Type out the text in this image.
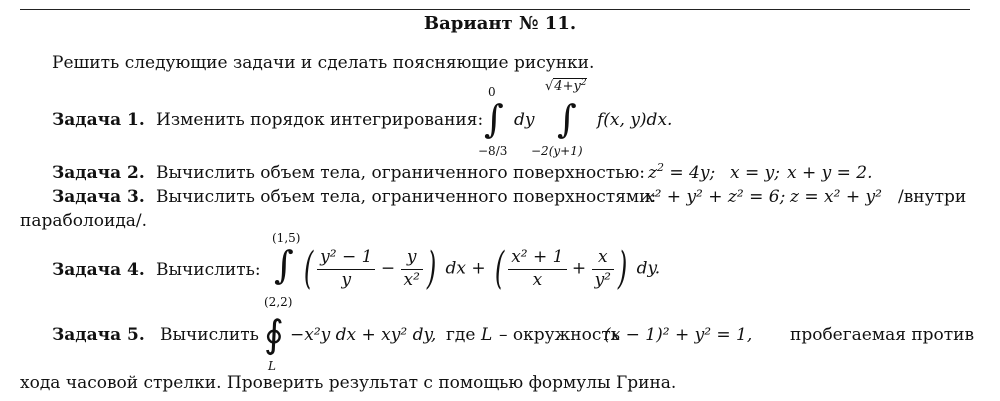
Вариант № 11.
Решить следующие задачи и сделать поясняющие рисунки.
Задача 1. Изменить порядок интегрирования:
0
∫
−8/3
dy
$√4+y^2$
∫
−2(y+1)
f(x, y)dx.
Задача 2. Вычислить объем тела, ограниченного поверхностью: $z^2 = 4y$; x = y; x + y = 2.
Задача 3. Вычислить объем тела, ограниченного поверхностями:
x² + y² + z² = 6; z = x² + y² /внутри
параболоида/.
Задача 4. Вычислить:
(1,5)
∫
(2,2)
( $\frac{\text{y² − 1}}{y} - \frac{y}{\text{x²}}$ ) dx + ( $\frac{\text{x² + 1}}{x} + \frac{x}{\text{y²}}$ ) dy.
Задача 5. Вычислить ∮
L
−x²y dx + xy² dy, где L – окружность
(x − 1)² + y² = 1, пробегаемая против
хода часовой стрелки. Проверить результат с помощью формулы Грина.
